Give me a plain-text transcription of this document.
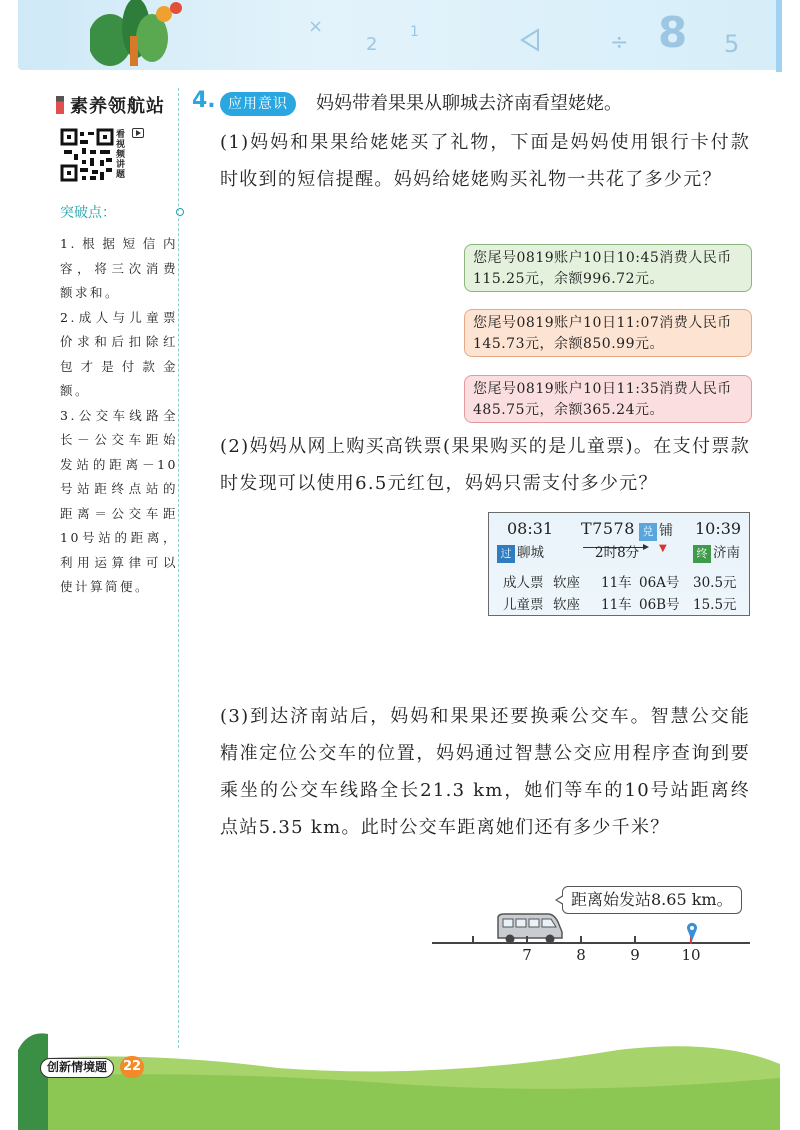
×
2
1	÷ 8 5
素养领航站
看视频讲题
突破点：

1.根据短信内容，将三次消费额求和。

2.成人与儿童票价求和后扣除红包才是付款金额。

3.公交车线路全长－公交车距始发站的距离－10号站距终点站的距离＝公交车距10号站的距离，利用运算律可以使计算简便。

4. 应用意识	妈妈带着果果从聊城去济南看望姥姥。

(1)妈妈和果果给姥姥买了礼物，下面是妈妈使用银行卡付款时收到的短信提醒。妈妈给姥姥购买礼物一共花了多少元？

您尾号0819账户10日10:45消费人民币
115.25元，余额996.72元。
您尾号0819账户10日11:07消费人民币
145.73元，余额850.99元。
您尾号0819账户10日11:35消费人民币
485.75元，余额365.24元。

(2)妈妈从网上购买高铁票(果果购买的是儿童票)。在支付票款时发现可以使用6.5元红包，妈妈只需支付多少元？

08:31 T7578 兑 铺 10:39
过 聊城	2时8分 ▼	终 济南
成人票 软座 11车 06A号 30.5元
儿童票 软座 11车 06B号 15.5元

(3)到达济南站后，妈妈和果果还要换乘公交车。智慧公交能精准定位公交车的位置，妈妈通过智慧公交应用程序查询到要乘坐的公交车线路全长21.3 km，她们等车的10号站距离终点站5.35 km。此时公交车距离她们还有多少千米？

距离始发站8.65 km。
7	8	9	10
创新情境题	22
